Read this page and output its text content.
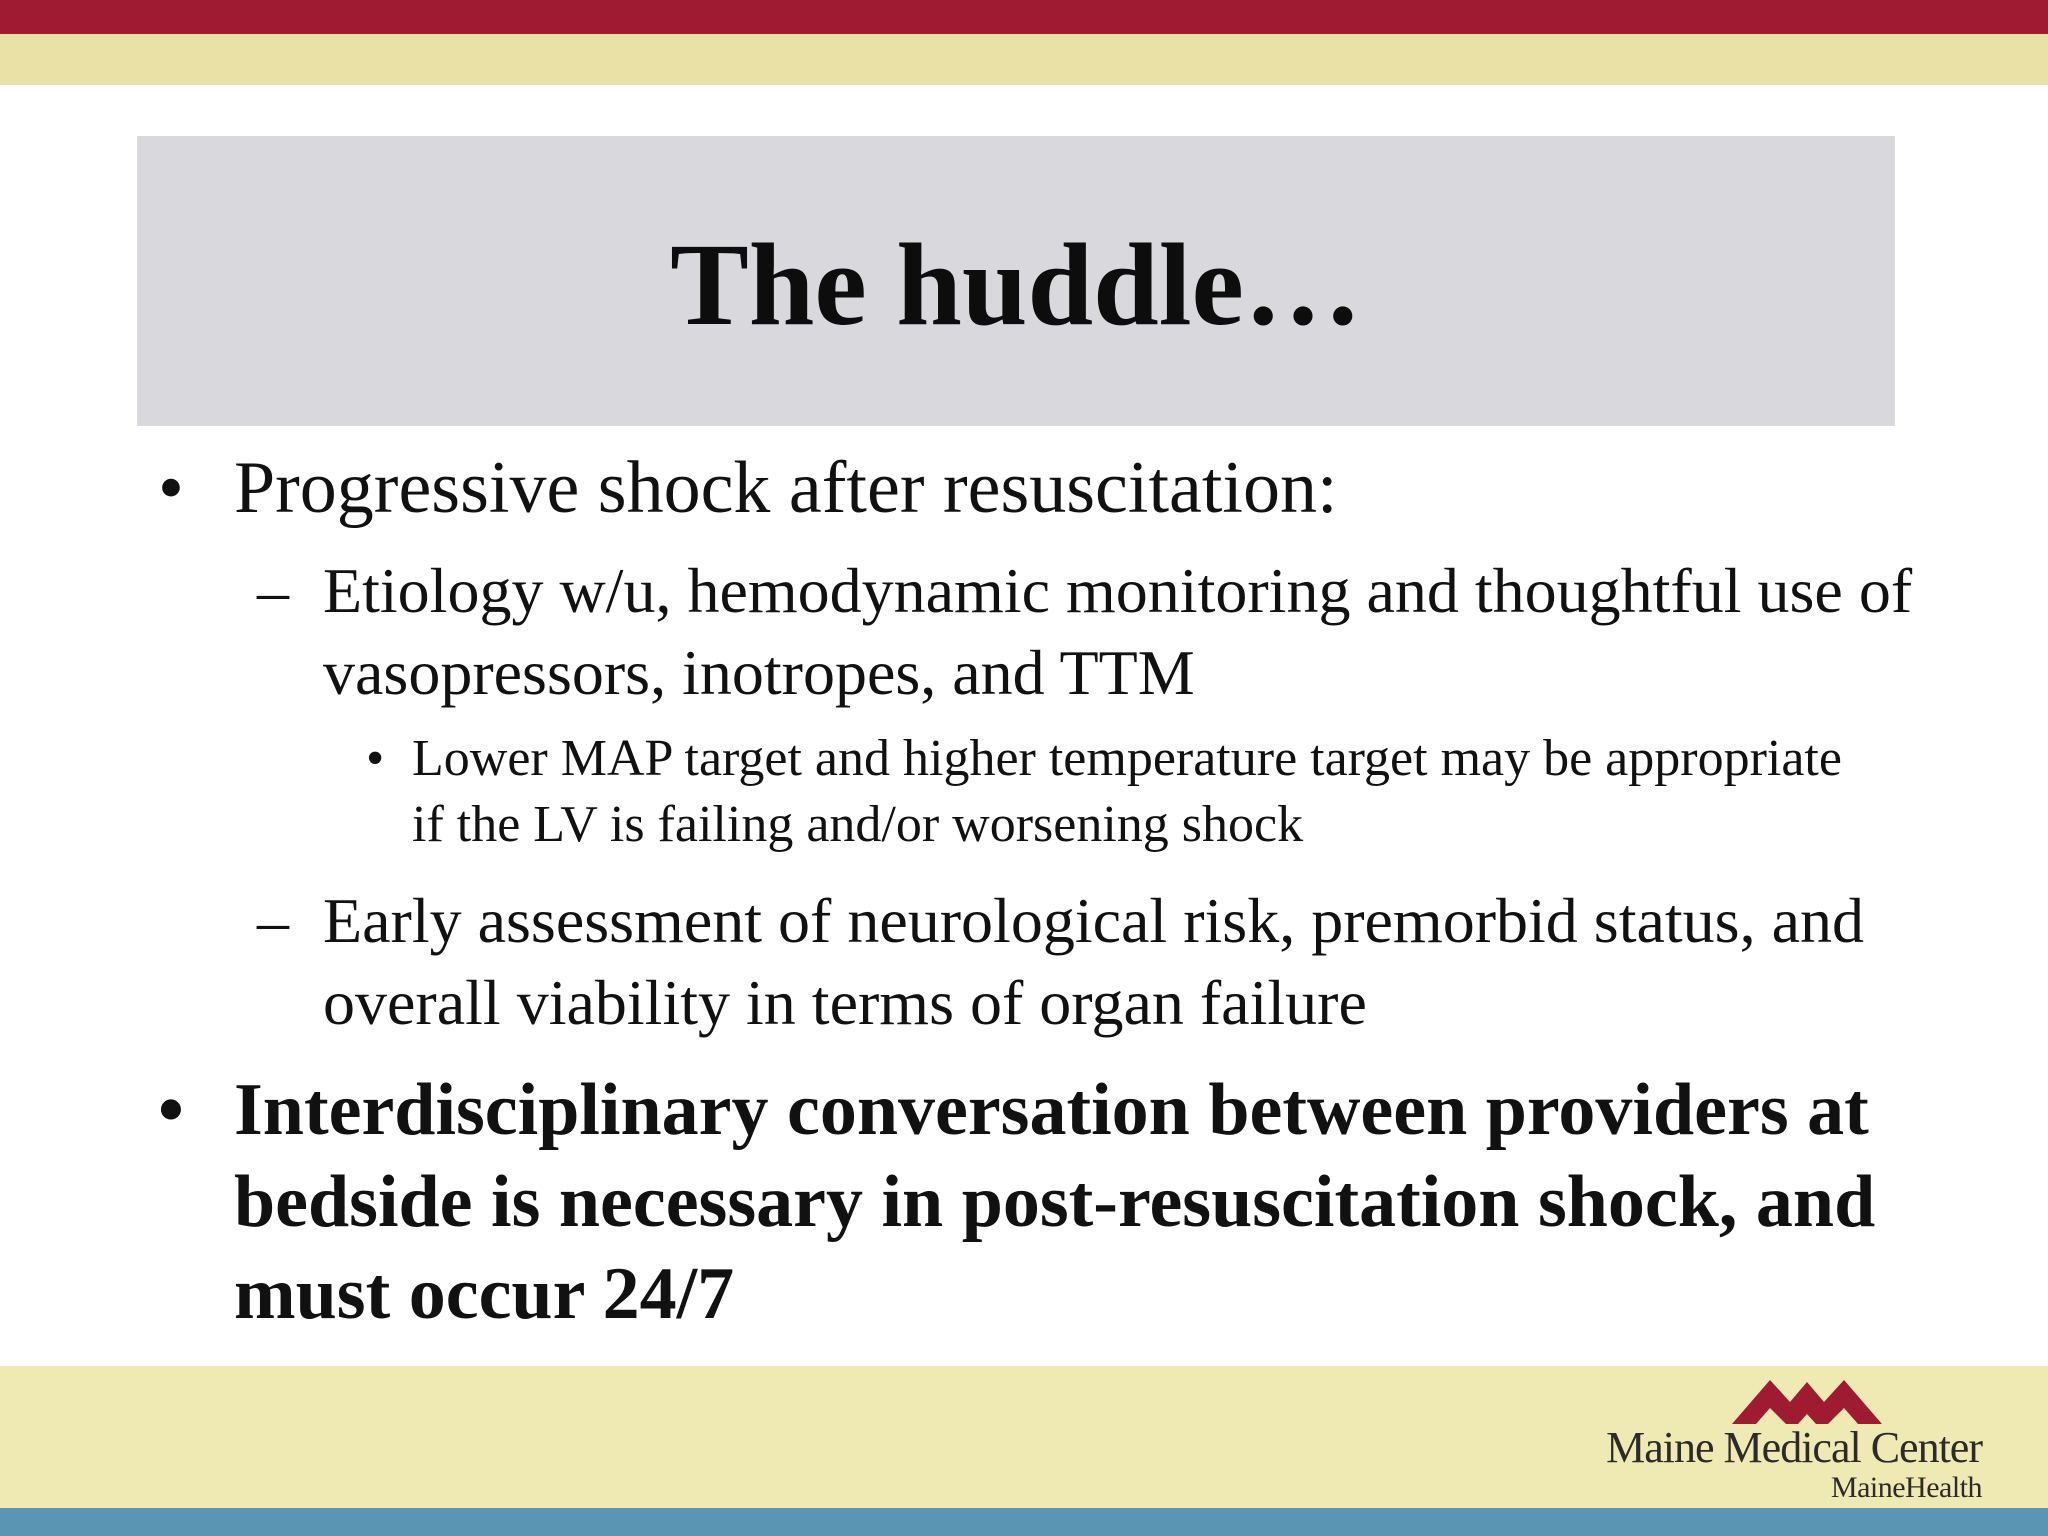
The huddle…

• Progressive shock after resuscitation:

– Etiology w/u, hemodynamic monitoring and thoughtful use of vasopressors, inotropes, and TTM

• Lower MAP target and higher temperature target may be appropriate if the LV is failing and/or worsening shock

– Early assessment of neurological risk, premorbid status, and overall viability in terms of organ failure

• Interdisciplinary conversation between providers at bedside is necessary in post-resuscitation shock, and must occur 24/7

Maine Medical Center
MaineHealth
